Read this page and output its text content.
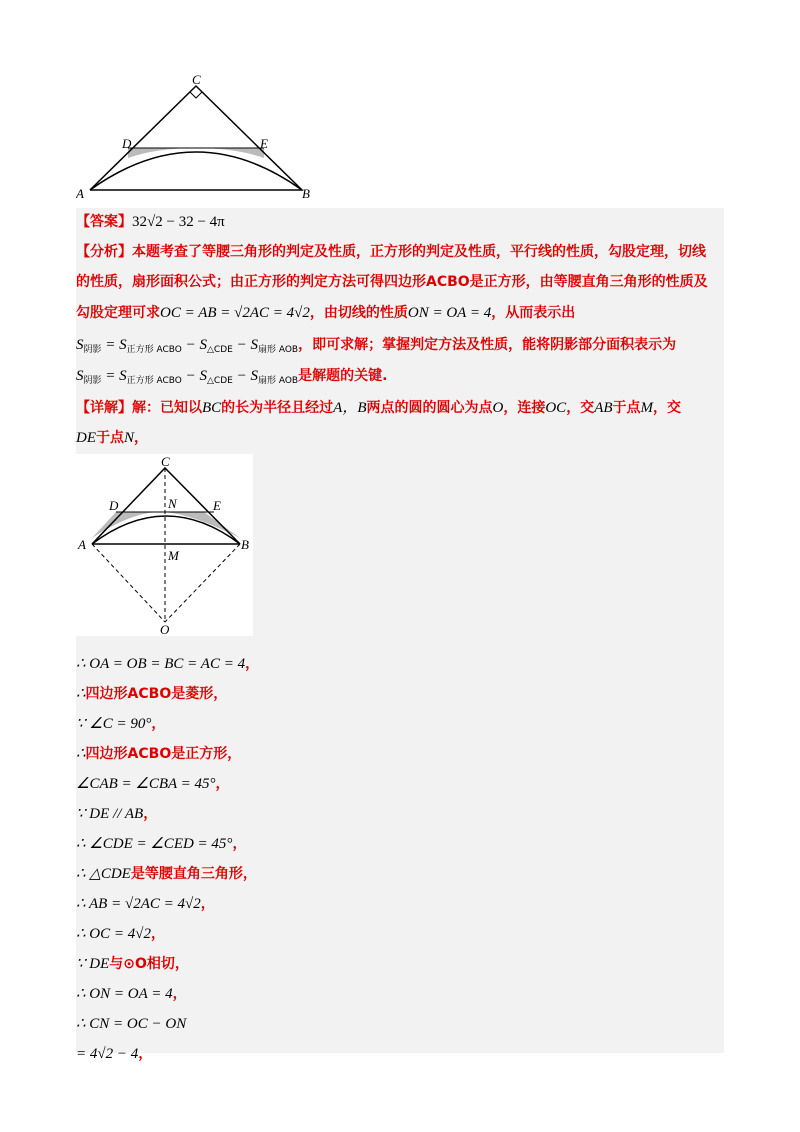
C
D	E
A	B
【答案】32√2 − 32 − 4π
【分析】本题考查了等腰三角形的判定及性质，正方形的判定及性质，平行线的性质，勾股定理，切线
的性质，扇形面积公式；由正方形的判定方法可得四边形ACBO是正方形，由等腰直角三角形的性质及
勾股定理可求OC = AB = √2AC = 4√2，由切线的性质ON = OA = 4，从而表示出
$S_{阴影} = S_{正方形 ACBO} - S_{\triangle CDE} - S_{扇形 AOB}$，即可求解；掌握判定方法及性质，能将阴影部分面积表示为
$S_{阴影} = S_{正方形 ACBO} - S_{\triangle CDE} - S_{扇形 AOB}$是解题的关键.
【详解】解：已知以BC的长为半径且经过A，B两点的圆的圆心为点O，连接OC，交AB于点M，交
DE于点N，
C
D	N	E
A	B
M
O
∴ OA = OB = BC = AC = 4，
∴四边形ACBO是菱形，
∵ ∠C = 90°，
∴四边形ACBO是正方形，
∠CAB = ∠CBA = 45°，
∵ DE // AB，
∴ ∠CDE = ∠CED = 45°，
∴ △CDE是等腰直角三角形，
∴ AB = √2AC = 4√2，
∴ OC = 4√2，
∵ DE与⊙O相切，
∴ ON = OA = 4，
∴ CN = OC − ON
= 4√2 − 4，
